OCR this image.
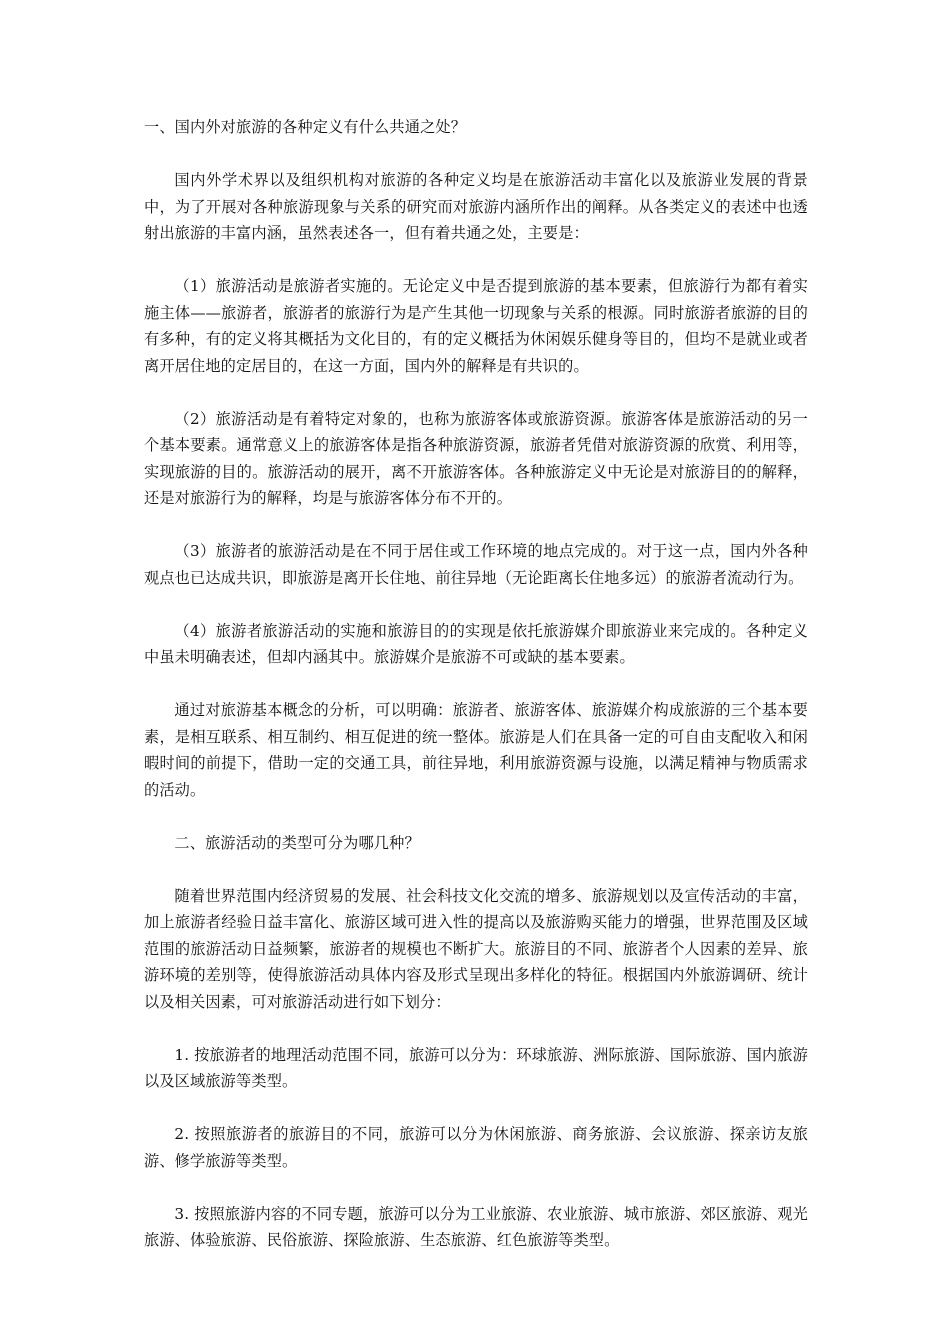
一、国内外对旅游的各种定义有什么共通之处？

国内外学术界以及组织机构对旅游的各种定义均是在旅游活动丰富化以及旅游业发展的背景中，为了开展对各种旅游现象与关系的研究而对旅游内涵所作出的阐释。从各类定义的表述中也透射出旅游的丰富内涵，虽然表述各一，但有着共通之处，主要是：

（1）旅游活动是旅游者实施的。无论定义中是否提到旅游的基本要素，但旅游行为都有着实施主体——旅游者，旅游者的旅游行为是产生其他一切现象与关系的根源。同时旅游者旅游的目的有多种，有的定义将其概括为文化目的，有的定义概括为休闲娱乐健身等目的，但均不是就业或者离开居住地的定居目的，在这一方面，国内外的解释是有共识的。

（2）旅游活动是有着特定对象的，也称为旅游客体或旅游资源。旅游客体是旅游活动的另一个基本要素。通常意义上的旅游客体是指各种旅游资源，旅游者凭借对旅游资源的欣赏、利用等，实现旅游的目的。旅游活动的展开，离不开旅游客体。各种旅游定义中无论是对旅游目的的解释，还是对旅游行为的解释，均是与旅游客体分布不开的。

（3）旅游者的旅游活动是在不同于居住或工作环境的地点完成的。对于这一点，国内外各种观点也已达成共识，即旅游是离开长住地、前往异地（无论距离长住地多远）的旅游者流动行为。

（4）旅游者旅游活动的实施和旅游目的的实现是依托旅游媒介即旅游业来完成的。各种定义中虽未明确表述，但却内涵其中。旅游媒介是旅游不可或缺的基本要素。

通过对旅游基本概念的分析，可以明确：旅游者、旅游客体、旅游媒介构成旅游的三个基本要素，是相互联系、相互制约、相互促进的统一整体。旅游是人们在具备一定的可自由支配收入和闲暇时间的前提下，借助一定的交通工具，前往异地，利用旅游资源与设施，以满足精神与物质需求的活动。

二、旅游活动的类型可分为哪几种？

随着世界范围内经济贸易的发展、社会科技文化交流的增多、旅游规划以及宣传活动的丰富，加上旅游者经验日益丰富化、旅游区域可进入性的提高以及旅游购买能力的增强，世界范围及区域范围的旅游活动日益频繁，旅游者的规模也不断扩大。旅游目的不同、旅游者个人因素的差异、旅游环境的差别等，使得旅游活动具体内容及形式呈现出多样化的特征。根据国内外旅游调研、统计以及相关因素，可对旅游活动进行如下划分：

1. 按旅游者的地理活动范围不同，旅游可以分为：环球旅游、洲际旅游、国际旅游、国内旅游以及区域旅游等类型。

2. 按照旅游者的旅游目的不同，旅游可以分为休闲旅游、商务旅游、会议旅游、探亲访友旅游、修学旅游等类型。

3. 按照旅游内容的不同专题，旅游可以分为工业旅游、农业旅游、城市旅游、郊区旅游、观光旅游、体验旅游、民俗旅游、探险旅游、生态旅游、红色旅游等类型。
